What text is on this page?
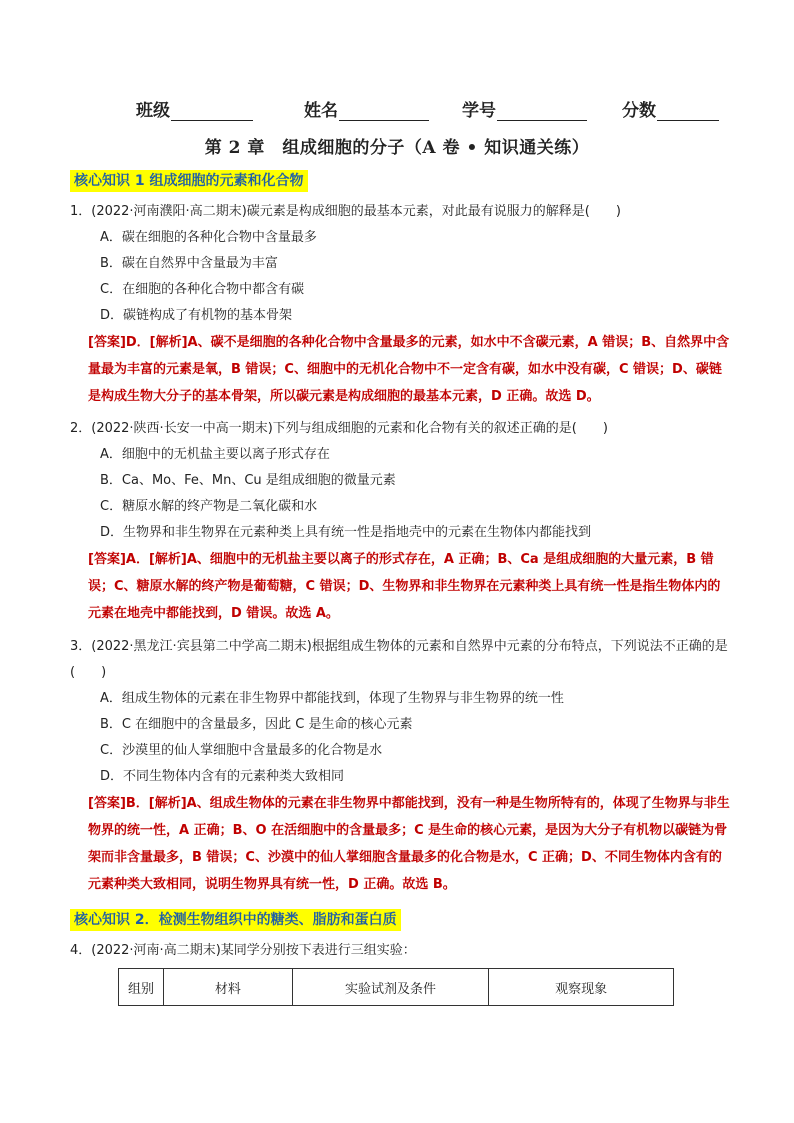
班级	姓名	学号	分数
第 2 章　组成细胞的分子（A 卷 • 知识通关练）
核心知识 1 组成细胞的元素和化合物
1．(2022·河南濮阳·高二期末)碳元素是构成细胞的最基本元素，对此最有说服力的解释是(　　)
A．碳在细胞的各种化合物中含量最多
B．碳在自然界中含量最为丰富
C．在细胞的各种化合物中都含有碳
D．碳链构成了有机物的基本骨架
[答案]D．[解析]A、碳不是细胞的各种化合物中含量最多的元素，如水中不含碳元素，A 错误；B、自然界中含量最为丰富的元素是氧，B 错误；C、细胞中的无机化合物中不一定含有碳，如水中没有碳，C 错误；D、碳链是构成生物大分子的基本骨架，所以碳元素是构成细胞的最基本元素，D 正确。故选 D。
2．(2022·陕西·长安一中高一期末)下列与组成细胞的元素和化合物有关的叙述正确的是(　　)
A．细胞中的无机盐主要以离子形式存在
B．Ca、Mo、Fe、Mn、Cu 是组成细胞的微量元素
C．糖原水解的终产物是二氧化碳和水
D．生物界和非生物界在元素种类上具有统一性是指地壳中的元素在生物体内都能找到
[答案]A．[解析]A、细胞中的无机盐主要以离子的形式存在，A 正确；B、Ca 是组成细胞的大量元素，B 错误；C、糖原水解的终产物是葡萄糖，C 错误；D、生物界和非生物界在元素种类上具有统一性是指生物体内的元素在地壳中都能找到，D 错误。故选 A。
3．(2022·黑龙江·宾县第二中学高二期末)根据组成生物体的元素和自然界中元素的分布特点，下列说法不正确的是(　　)
A．组成生物体的元素在非生物界中都能找到，体现了生物界与非生物界的统一性
B．C 在细胞中的含量最多，因此 C 是生命的核心元素
C．沙漠里的仙人掌细胞中含量最多的化合物是水
D．不同生物体内含有的元素种类大致相同
[答案]B．[解析]A、组成生物体的元素在非生物界中都能找到，没有一种是生物所特有的，体现了生物界与非生物界的统一性，A 正确；B、O 在活细胞中的含量最多；C 是生命的核心元素，是因为大分子有机物以碳链为骨架而非含量最多，B 错误；C、沙漠中的仙人掌细胞含量最多的化合物是水，C 正确；D、不同生物体内含有的元素种类大致相同，说明生物界具有统一性，D 正确。故选 B。
核心知识 2．检测生物组织中的糖类、脂肪和蛋白质
4．(2022·河南·高二期末)某同学分别按下表进行三组实验：
组别	材料	实验试剂及条件	观察现象
